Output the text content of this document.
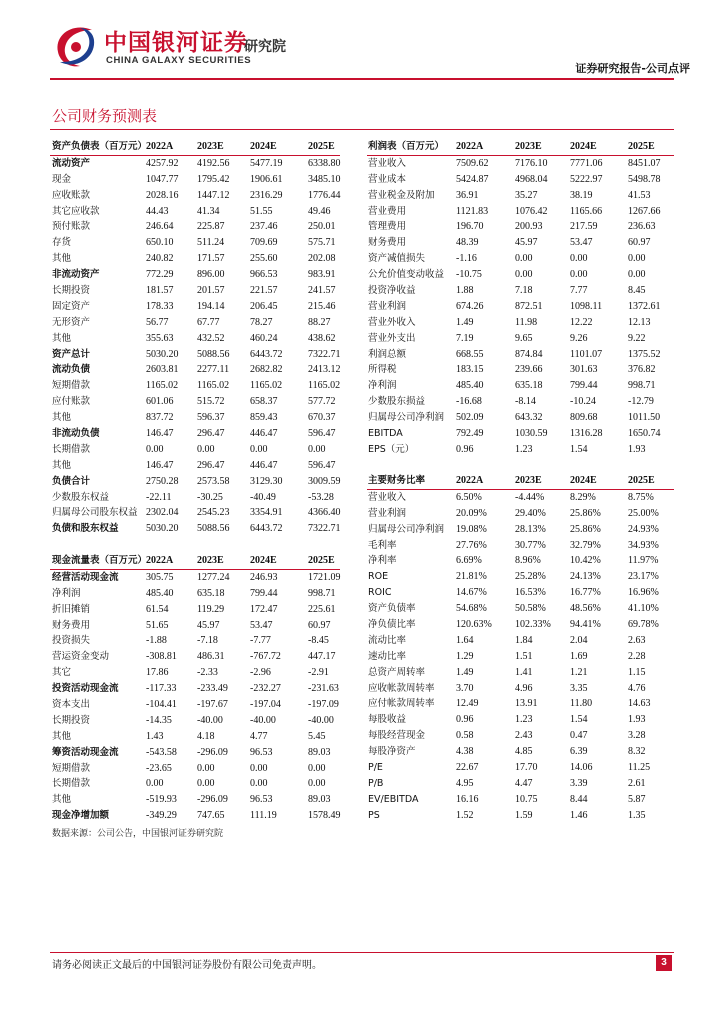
中国银河证券
CHINA GALAXY SECURITIES
研究院
证券研究报告-公司点评
公司财务预测表
资产负债表（百万元）
2022A 2023E	2024E	2025E
流动资产	4257.92 4192.56 5477.19	6338.80
现金	1047.77 1795.42 1906.61	3485.10
应收账款	2028.16 1447.12 2316.29	1776.44
其它应收款	44.43	41.34	51.55	49.46
预付账款	246.64 225.87	237.46	250.01
存货	650.10 511.24	709.69	575.71
其他	240.82 171.57	255.60	202.08
非流动资产	772.29 896.00	966.53	983.91
长期投资	181.57 201.57	221.57	241.57
固定资产	178.33 194.14	206.45	215.46
无形资产	56.77	67.77	78.27	88.27
其他	355.63 432.52	460.24	438.62
资产总计	5030.20 5088.56 6443.72	7322.71
流动负债	2603.81 2277.11 2682.82	2413.12
短期借款	1165.02 1165.02 1165.02	1165.02
应付账款	601.06 515.72	658.37	577.72
其他	837.72 596.37	859.43	670.37
非流动负债	146.47 296.47	446.47	596.47
长期借款	0.00	0.00	0.00	0.00
其他	146.47 296.47	446.47	596.47
负债合计	2750.28 2573.58 3129.30	3009.59
少数股东权益	-22.11	-30.25	-40.49	-53.28
归属母公司股东权益 2302.04 2545.23 3354.91	4366.40
负债和股东权益	5030.20 5088.56 6443.72	7322.71
利润表（百万元） 2022A	2023E	2024E	2025E
营业收入	7509.62	7176.10 7771.06	8451.07
营业成本	5424.87	4968.04 5222.97	5498.78
营业税金及附加 36.91	35.27	38.19	41.53
营业费用	1121.83	1076.42 1165.66	1267.66
管理费用	196.70	200.93	217.59	236.63
财务费用	48.39	45.97	53.47	60.97
资产减值损失	-1.16	0.00	0.00	0.00
公允价值变动收益 -10.75	0.00	0.00	0.00
投资净收益	1.88	7.18	7.77	8.45
营业利润	674.26	872.51	1098.11	1372.61
营业外收入	1.49	11.98	12.22	12.13
营业外支出	7.19	9.65	9.26	9.22
利润总额	668.55	874.84	1101.07	1375.52
所得税	183.15	239.66	301.63	376.82
净利润	485.40	635.18	799.44	998.71
少数股东损益	-16.68	-8.14	-10.24	-12.79
归属母公司净利润 502.09	643.32	809.68	1011.50
EBITDA	792.49	1030.59 1316.28	1650.74
EPS（元）	0.96	1.23	1.54	1.93
主要财务比率	2022A	2023E	2024E	2025E
营业收入	6.50%	-4.44%	8.29%	8.75%
营业利润	20.09%	29.40% 25.86%	25.00%
归属母公司净利润 19.08%	28.13% 25.86%	24.93%
毛利率	27.76%	30.77% 32.79%	34.93%
净利率	6.69%	8.96%	10.42%	11.97%
ROE	21.81%	25.28% 24.13%	23.17%
ROIC	14.67%	16.53% 16.77%	16.96%
资产负债率	54.68%	50.58% 48.56%	41.10%
净负债比率	120.63% 102.33% 94.41%	69.78%
流动比率	1.64	1.84	2.04	2.63
速动比率	1.29	1.51	1.69	2.28
总资产周转率	1.49	1.41	1.21	1.15
应收帐款周转率 3.70	4.96	3.35	4.76
应付帐款周转率 12.49	13.91	11.80	14.63
每股收益	0.96	1.23	1.54	1.93
每股经营现金	0.58	2.43	0.47	3.28
每股净资产	4.38	4.85	6.39	8.32
P/E	22.67	17.70	14.06	11.25
P/B	4.95	4.47	3.39	2.61
EV/EBITDA	16.16	10.75	8.44	5.87
PS	1.52	1.59	1.46	1.35
现金流量表（百万元）
2022A 2023E	2024E	2025E
经营活动现金流	305.75 1277.24 246.93	1721.09
净利润	485.40 635.18	799.44	998.71
折旧摊销	61.54	119.29	172.47	225.61
财务费用	51.65	45.97	53.47	60.97
投资损失	-1.88	-7.18	-7.77	-8.45
营运资金变动	-308.81 486.31	-767.72	447.17
其它	17.86	-2.33	-2.96	-2.91
投资活动现金流	-117.33 -233.49 -232.27	-231.63
资本支出	-104.41 -197.67 -197.04	-197.09
长期投资	-14.35	-40.00	-40.00	-40.00
其他	1.43	4.18	4.77	5.45
筹资活动现金流	-543.58 -296.09 96.53	89.03
短期借款	-23.65	0.00	0.00	0.00
长期借款	0.00	0.00	0.00	0.00
其他	-519.93 -296.09 96.53	89.03
现金净增加额	-349.29 747.65	111.19	1578.49
数据来源：公司公告，中国银河证券研究院
请务必阅读正文最后的中国银河证券股份有限公司免责声明。	3
